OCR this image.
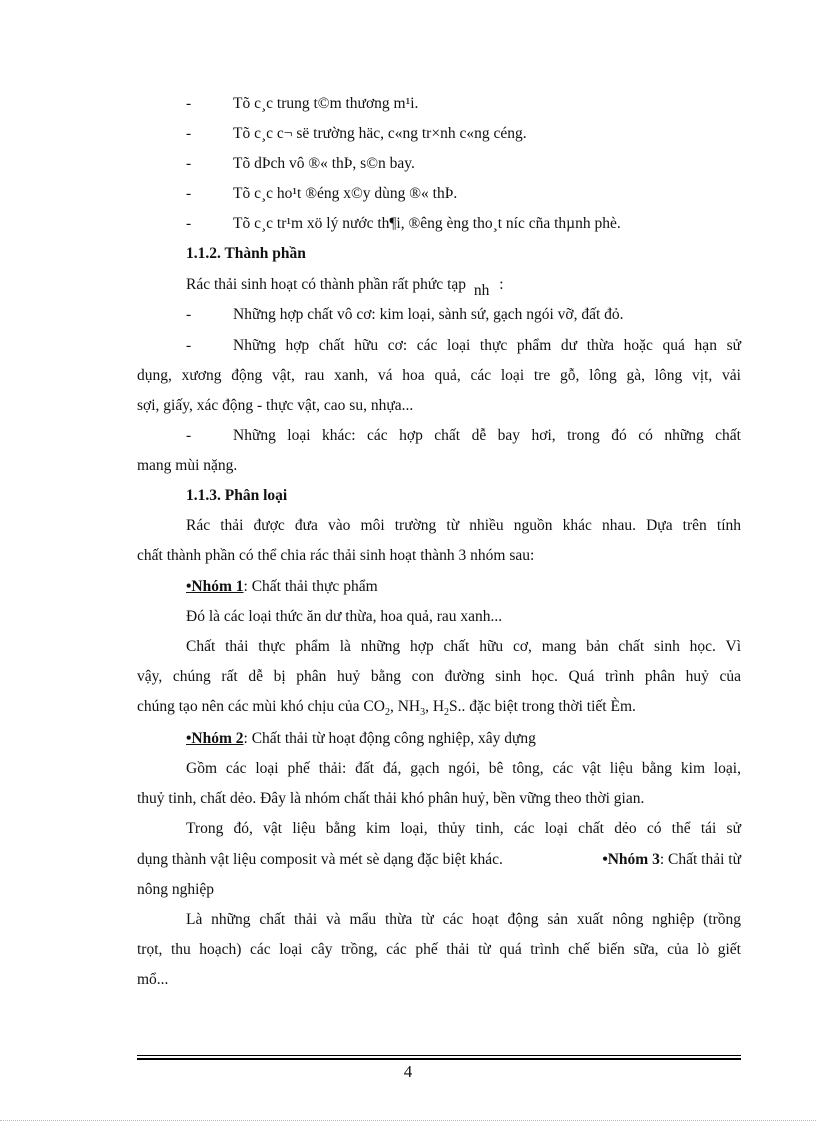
-	Tõ c¸c trung t©m thương m¹i.
-	Tõ c¸c c¬ së trường häc, c«ng tr×nh c«ng céng.
-	Tõ dÞch vô ®« thÞ, s©n bay.
-	Tõ c¸c ho¹t ®éng x©y dùng ®« thÞ.
-	Tõ c¸c tr¹m xö lý nước th¶i, ®êng èng tho¸t níc cña thµnh phè.
1.1.2. Thành phần
Rác thải sinh hoạt có thành phần rất phức tạp nh :
-	Những hợp chất vô cơ: kim loại, sành sứ, gạch ngói vỡ, đất đỏ.
-	Những hợp chất hữu cơ: các loại thực phẩm dư thừa hoặc quá hạn sử
dụng, xương động vật, rau xanh, vá hoa quả, các loại tre gỗ, lông gà, lông vịt, vải
sợi, giấy, xác động - thực vật, cao su, nhựa...
-	Những loại khác: các hợp chất dễ bay hơi, trong đó có những chất
mang mùi nặng.
1.1.3. Phân loại
Rác thải được đưa vào môi trường từ nhiều nguồn khác nhau. Dựa trên tính
chất thành phần có thể chia rác thải sinh hoạt thành 3 nhóm sau:
•Nhóm 1: Chất thải thực phẩm
Đó là các loại thức ăn dư thừa, hoa quả, rau xanh...
Chất thải thực phẩm là những hợp chất hữu cơ, mang bản chất sinh học. Vì
vậy, chúng rất dễ bị phân huỷ bằng con đường sinh học. Quá trình phân huỷ của
chúng tạo nên các mùi khó chịu của $CO_2$, $NH_3$, $H_2S$.. đặc biệt trong thời tiết Èm.
•Nhóm 2: Chất thải từ hoạt động công nghiệp, xây dựng
Gồm các loại phế thải: đất đá, gạch ngói, bê tông, các vật liệu bằng kim loại,
thuỷ tinh, chất dẻo. Đây là nhóm chất thải khó phân huỷ, bền vững theo thời gian.
Trong đó, vật liệu bằng kim loại, thủy tinh, các loại chất dẻo có thể tái sử
dụng thành vật liệu composit và mét sè dạng đặc biệt khác.	•Nhóm 3: Chất thải từ
nông nghiệp
Là những chất thải và mẩu thừa từ các hoạt động sản xuất nông nghiệp (trồng
trọt, thu hoạch) các loại cây trồng, các phế thải từ quá trình chế biến sữa, của lò giết
mổ...
4
